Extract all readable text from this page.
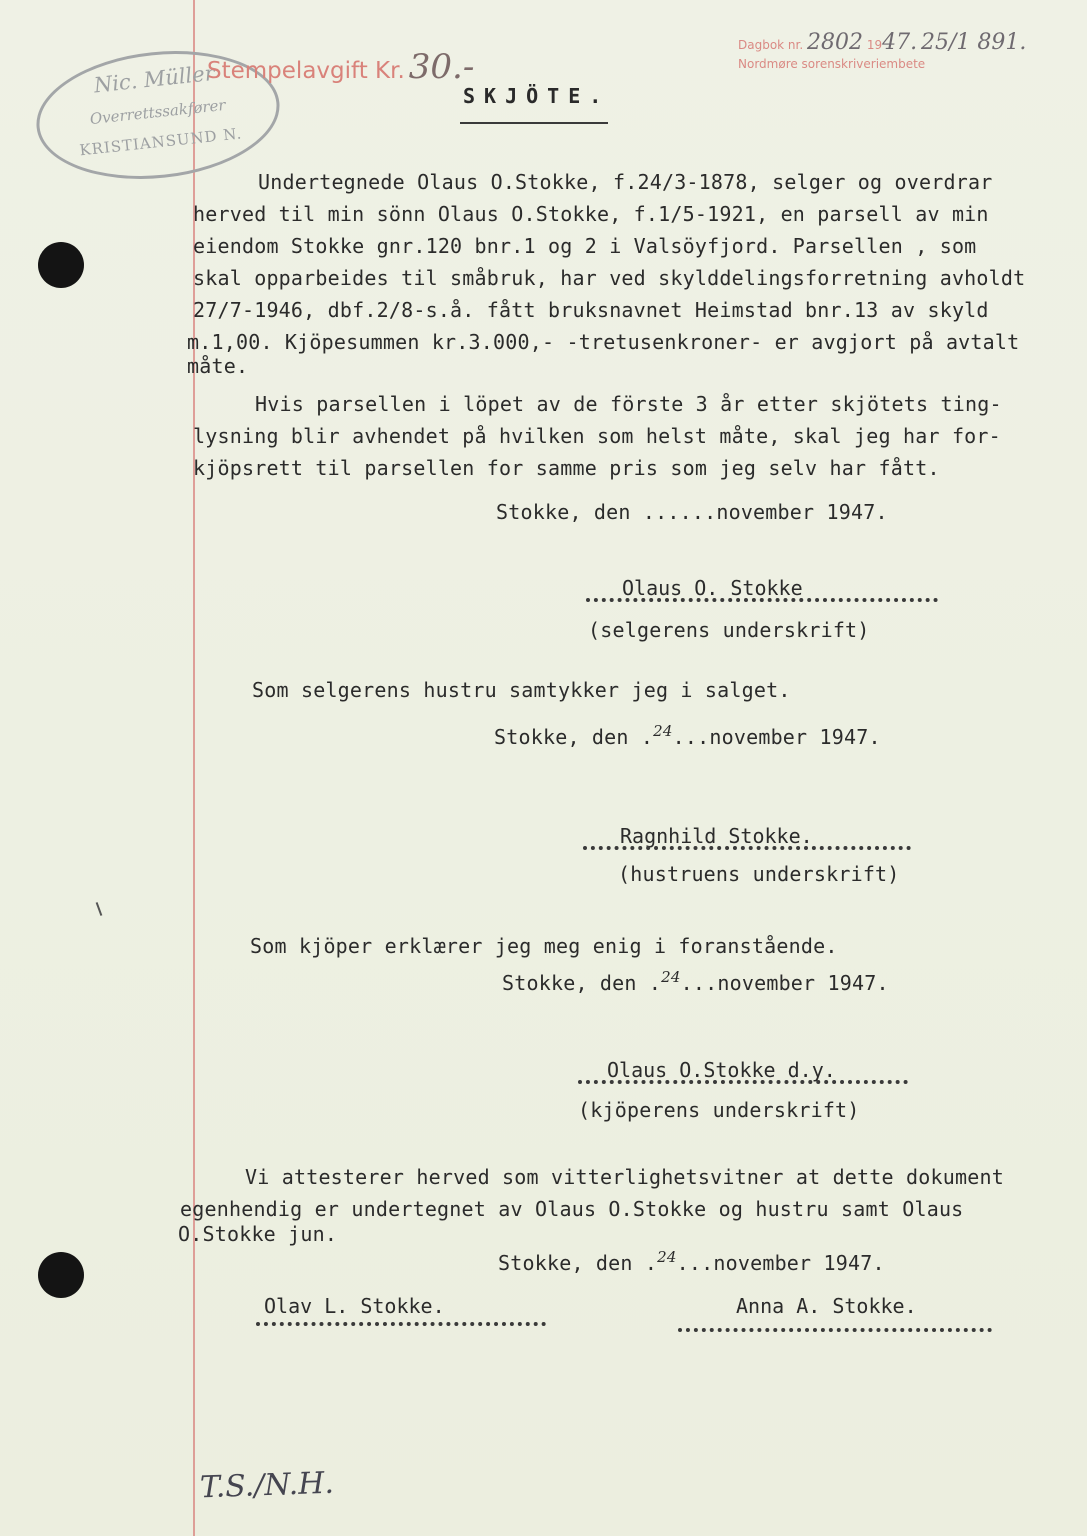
Nic. Müller
Overrettssakfører
KRISTIANSUND N.
Stempelavgift Kr. 30.-
Dagbok nr. 2802 1947. 25/1 891.
Nordmøre sorenskriveriembete
SKJÖTE.
Undertegnede Olaus O.Stokke, f.24/3-1878, selger og overdrar
herved til min sönn Olaus O.Stokke, f.1/5-1921, en parsell av min
eiendom Stokke gnr.120 bnr.1 og 2 i Valsöyfjord. Parsellen , som
skal opparbeides til småbruk, har ved skylddelingsforretning avholdt
27/7-1946, dbf.2/8-s.å. fått bruksnavnet Heimstad bnr.13 av skyld
m.1,00. Kjöpesummen kr.3.000,- -tretusenkroner- er avgjort på avtalt
måte.
Hvis parsellen i löpet av de förste 3 år etter skjötets ting-
lysning blir avhendet på hvilken som helst måte, skal jeg har for-
kjöpsrett til parsellen for samme pris som jeg selv har fått.
Stokke, den ......november 1947.
Olaus O. Stokke
(selgerens underskrift)
Som selgerens hustru samtykker jeg i salget.
Stokke, den .$^{24}$...november 1947.
Ragnhild Stokke.
(hustruens underskrift)
Som kjöper erklærer jeg meg enig i foranstående.
Stokke, den .$^{24}$...november 1947.
Olaus O.Stokke d.y.
(kjöperens underskrift)
Vi attesterer herved som vitterlighetsvitner at dette dokument
egenhendig er undertegnet av Olaus O.Stokke og hustru samt Olaus
O.Stokke jun.
Stokke, den .$^{24}$...november 1947.
Olav L. Stokke.	Anna A. Stokke.
T.S./N.H.
